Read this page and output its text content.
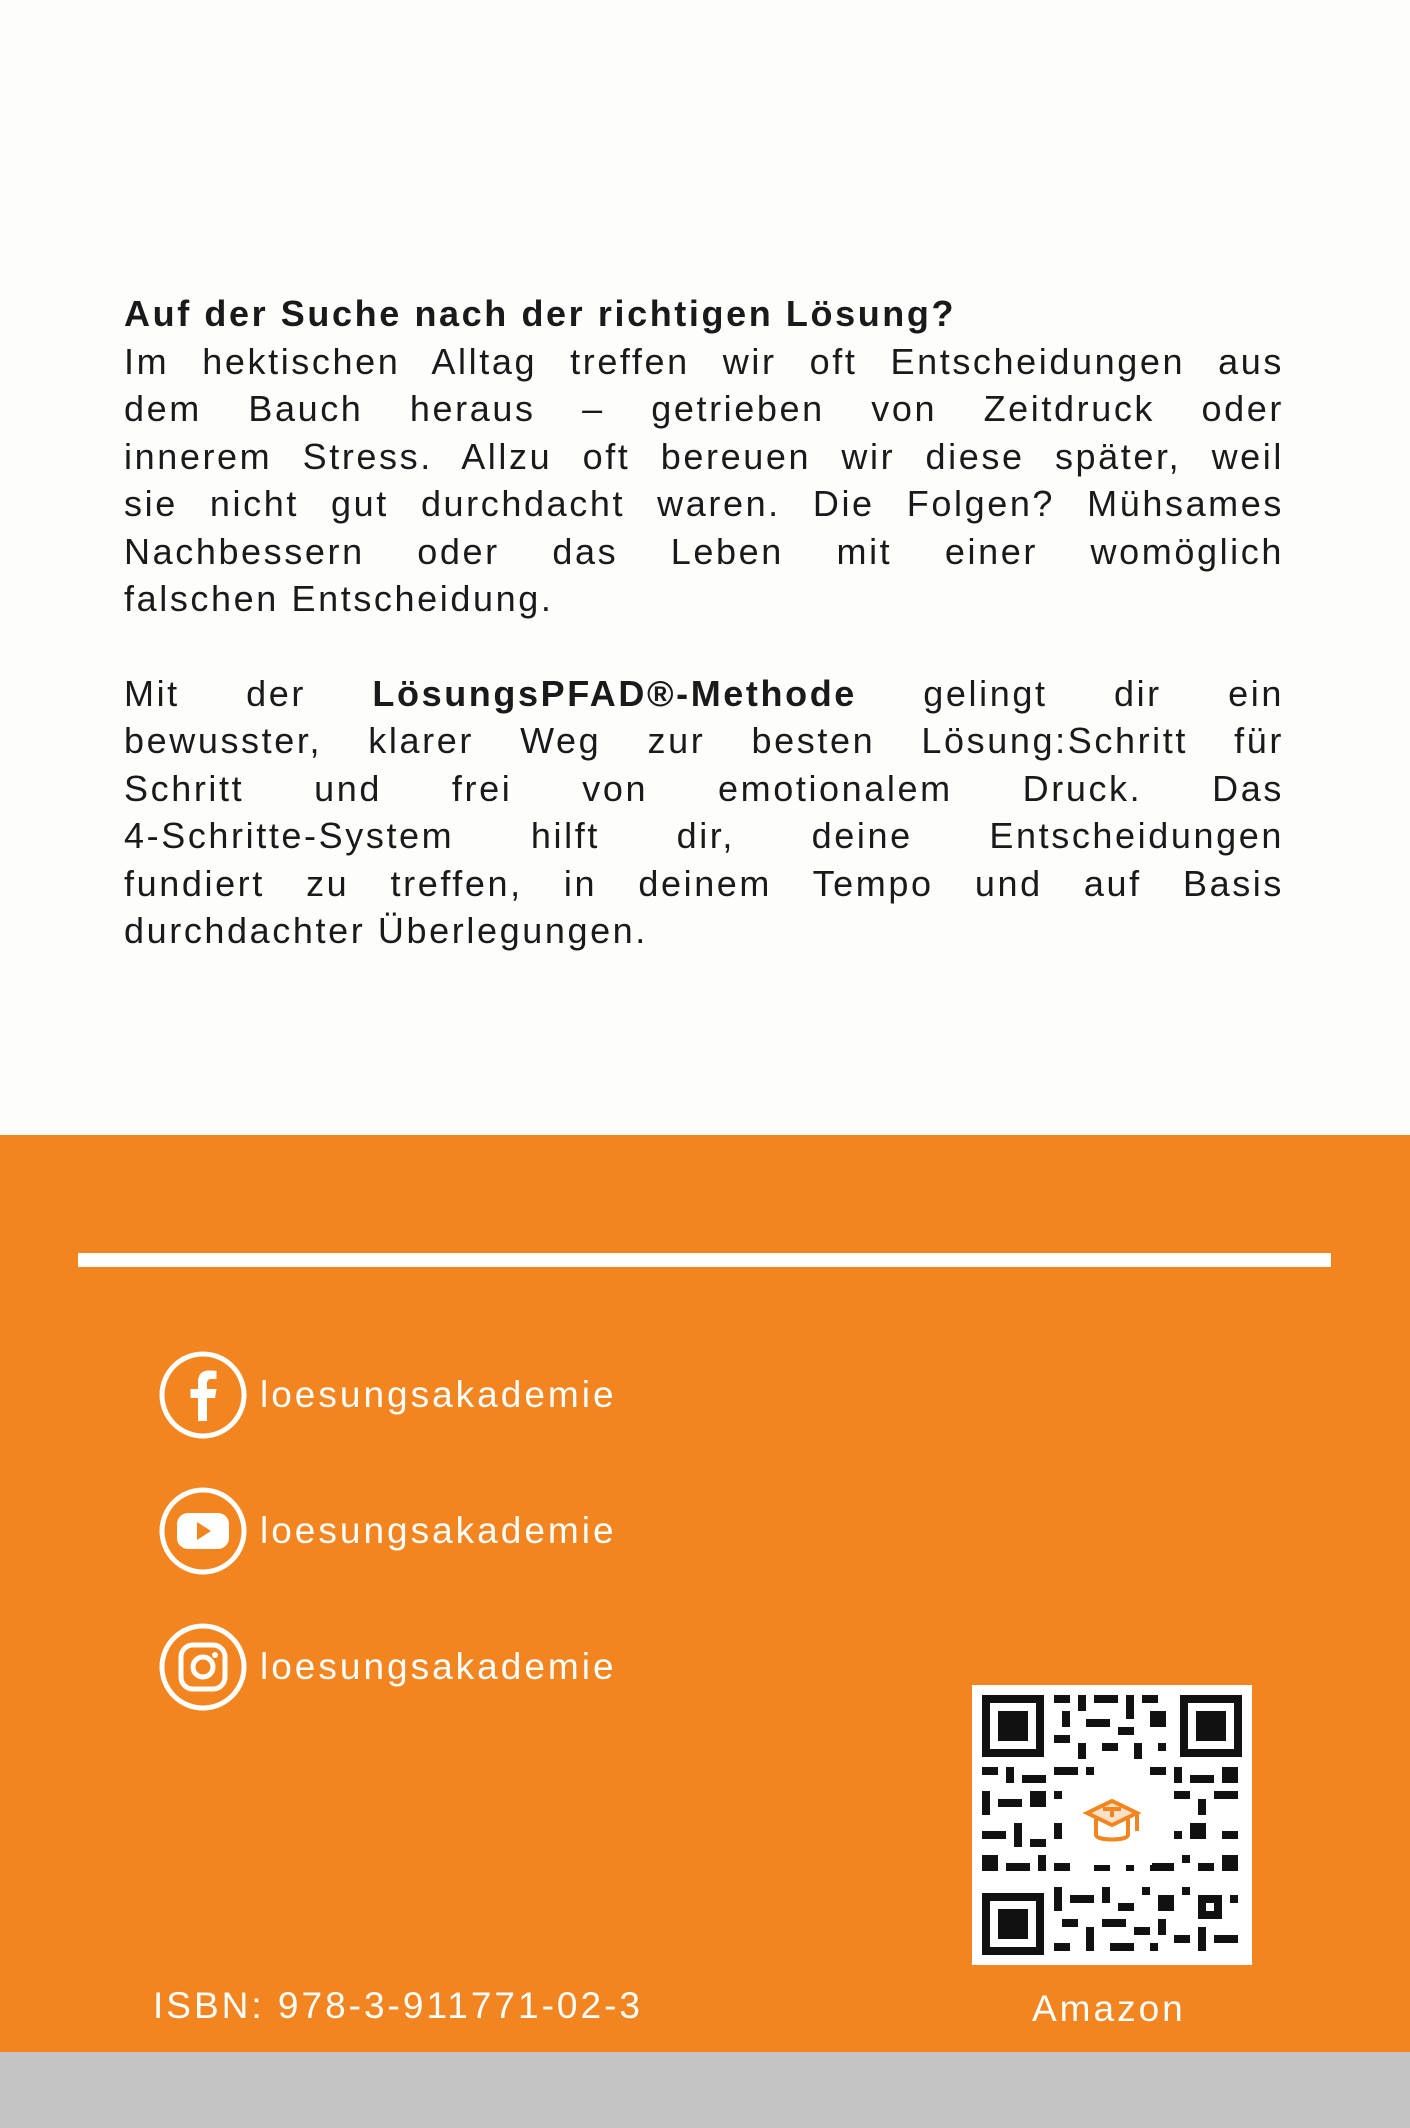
Auf der Suche nach der richtigen Lösung?

Im hektischen Alltag treffen wir oft Entscheidungen aus

dem Bauch heraus – getrieben von Zeitdruck oder

innerem Stress. Allzu oft bereuen wir diese später, weil

sie nicht gut durchdacht waren. Die Folgen? Mühsames

Nachbessern oder das Leben mit einer womöglich

falschen Entscheidung.

Mit der LösungsPFAD®-Methode gelingt dir ein

bewusster, klarer Weg zur besten Lösung:Schritt für

Schritt und frei von emotionalem Druck. Das

4-Schritte-System hilft dir, deine Entscheidungen

fundiert zu treffen, in deinem Tempo und auf Basis

durchdachter Überlegungen.

loesungsakademie
loesungsakademie
loesungsakademie
ISBN: 978-3-911771-02-3	Amazon
